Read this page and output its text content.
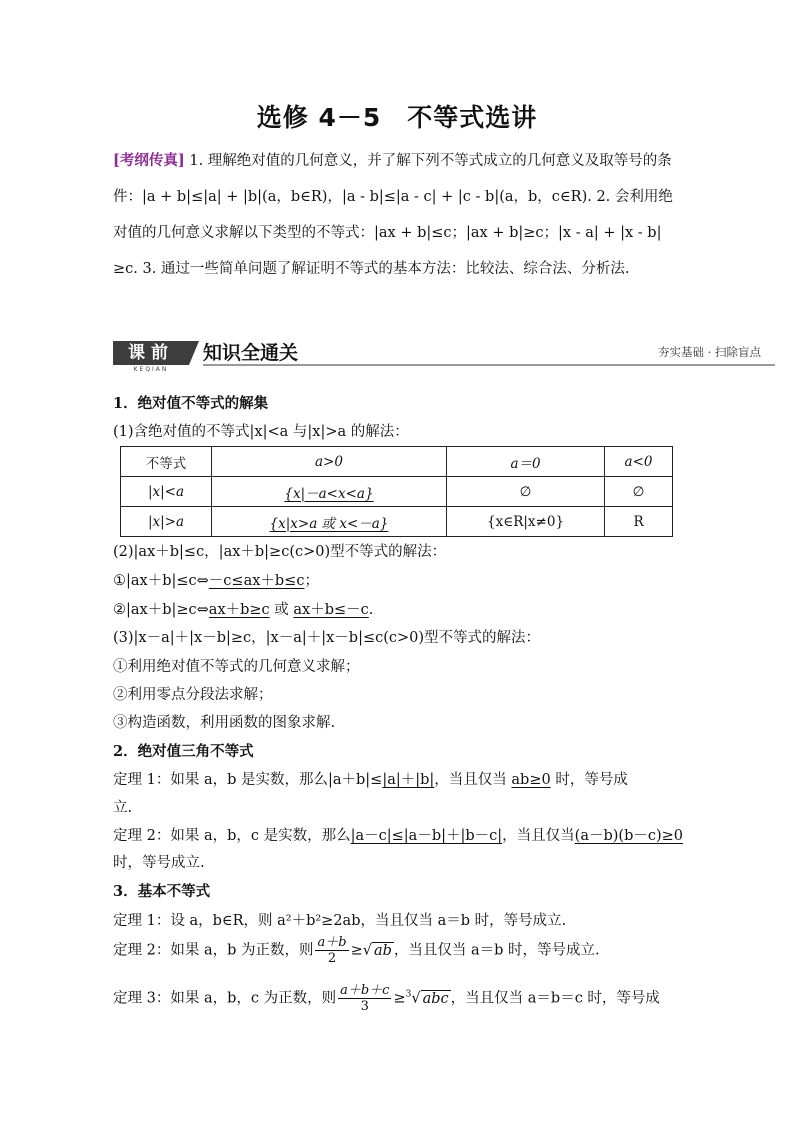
选修 4－5　不等式选讲
[考纲传真] 1. 理解绝对值的几何意义，并了解下列不等式成立的几何意义及取等号的条件：|a + b|≤|a| + |b|(a，b∈R)，|a - b|≤|a - c| + |c - b|(a，b，c∈R). 2. 会利用绝对值的几何意义求解以下类型的不等式：|ax + b|≤c；|ax + b|≥c；|x - a| + |x - b|≥c. 3. 通过一些简单问题了解证明不等式的基本方法：比较法、综合法、分析法.
课前
KEQIAN
知识全通关	夯实基础 · 扫除盲点
1．绝对值不等式的解集
(1)含绝对值的不等式|x|<a 与|x|>a 的解法：
不等式	a>0	a＝0	a<0
|x|<a	{x|－a<x<a}	∅	∅
|x|>a	{x|x>a 或 x<－a}	{x∈R|x≠0}	R
(2)|ax＋b|≤c，|ax＋b|≥c(c>0)型不等式的解法：
①|ax＋b|≤c⇔－c≤ax＋b≤c；
②|ax＋b|≥c⇔ax＋b≥c 或 ax＋b≤－c.
(3)|x－a|＋|x－b|≥c，|x－a|＋|x－b|≤c(c>0)型不等式的解法：
①利用绝对值不等式的几何意义求解；
②利用零点分段法求解；
③构造函数，利用函数的图象求解.
2．绝对值三角不等式
定理 1：如果 a，b 是实数，那么|a＋b|≤|a|＋|b|，当且仅当 ab≥0 时，等号成
立.
定理 2：如果 a，b，c 是实数，那么|a－c|≤|a－b|＋|b－c|，当且仅当(a－b)(b－c)≥0
时，等号成立.
3．基本不等式
定理 1：设 a，b∈R，则 a²＋b²≥2ab，当且仅当 a＝b 时，等号成立.
定理 2：如果 a，b 为正数，则 $\frac{a+b}{2}$ ≥√ ab ，当且仅当 a＝b 时，等号成立.
定理 3：如果 a，b，c 为正数，则 $\frac{a+b+c}{3} \ge^3√$ abc ，当且仅当 a＝b＝c 时，等号成
